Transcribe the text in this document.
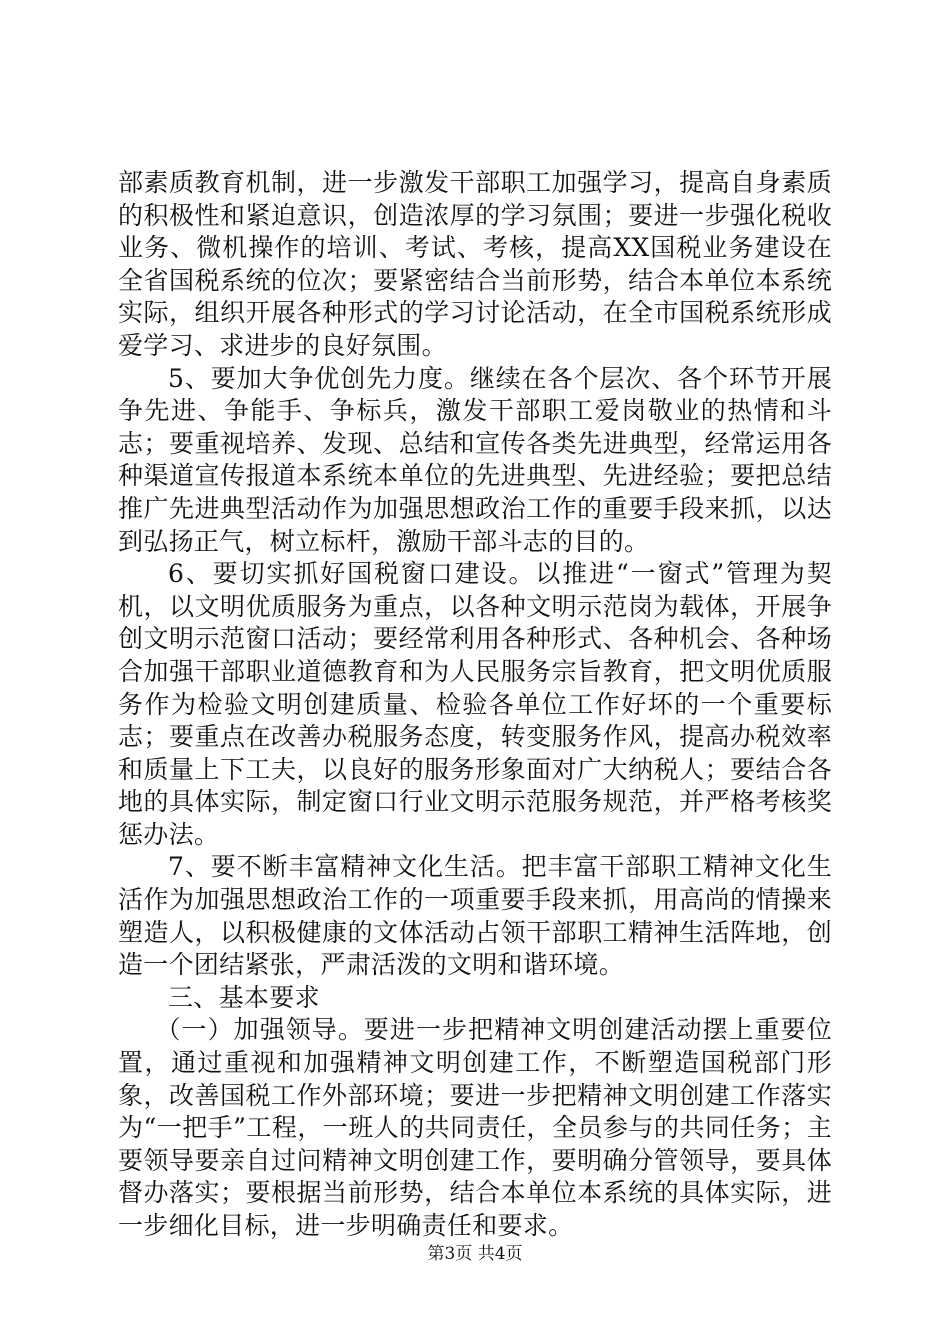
部素质教育机制，进一步激发干部职工加强学习，提高自身素质的积极性和紧迫意识，创造浓厚的学习氛围；要进一步强化税收业务、微机操作的培训、考试、考核，提高XX国税业务建设在全省国税系统的位次；要紧密结合当前形势，结合本单位本系统实际，组织开展各种形式的学习讨论活动，在全市国税系统形成爱学习、求进步的良好氛围。

5、要加大争优创先力度。继续在各个层次、各个环节开展争先进、争能手、争标兵，激发干部职工爱岗敬业的热情和斗志；要重视培养、发现、总结和宣传各类先进典型，经常运用各种渠道宣传报道本系统本单位的先进典型、先进经验；要把总结推广先进典型活动作为加强思想政治工作的重要手段来抓，以达到弘扬正气，树立标杆，激励干部斗志的目的。

6、要切实抓好国税窗口建设。以推进“一窗式”管理为契机，以文明优质服务为重点，以各种文明示范岗为载体，开展争创文明示范窗口活动；要经常利用各种形式、各种机会、各种场合加强干部职业道德教育和为人民服务宗旨教育，把文明优质服务作为检验文明创建质量、检验各单位工作好坏的一个重要标志；要重点在改善办税服务态度，转变服务作风，提高办税效率和质量上下工夫，以良好的服务形象面对广大纳税人；要结合各地的具体实际，制定窗口行业文明示范服务规范，并严格考核奖惩办法。

7、要不断丰富精神文化生活。把丰富干部职工精神文化生活作为加强思想政治工作的一项重要手段来抓，用高尚的情操来塑造人，以积极健康的文体活动占领干部职工精神生活阵地，创造一个团结紧张，严肃活泼的文明和谐环境。

三、基本要求

（一）加强领导。要进一步把精神文明创建活动摆上重要位置，通过重视和加强精神文明创建工作，不断塑造国税部门形象，改善国税工作外部环境；要进一步把精神文明创建工作落实为“一把手”工程，一班人的共同责任，全员参与的共同任务；主要领导要亲自过问精神文明创建工作，要明确分管领导，要具体督办落实；要根据当前形势，结合本单位本系统的具体实际，进一步细化目标，进一步明确责任和要求。

第3页 共4页
